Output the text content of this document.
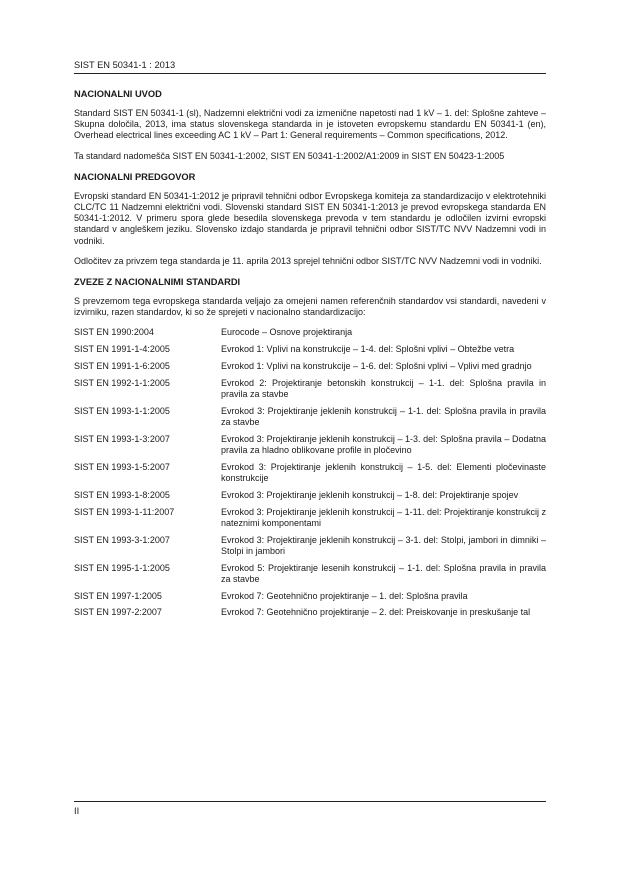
SIST EN 50341-1 : 2013
NACIONALNI UVOD

Standard SIST EN 50341-1 (sl), Nadzemni električni vodi za izmenične napetosti nad 1 kV – 1. del: Splošne zahteve – Skupna določila, 2013, ima status slovenskega standarda in je istoveten evropskemu standardu EN 50341-1 (en), Overhead electrical lines exceeding AC 1 kV – Part 1: General requirements – Common specifications, 2012.

Ta standard nadomešča SIST EN 50341-1:2002, SIST EN 50341-1:2002/A1:2009 in SIST EN 50423-1:2005

NACIONALNI PREDGOVOR

Evropski standard EN 50341-1:2012 je pripravil tehnični odbor Evropskega komiteja za standardizacijo v elektrotehniki CLC/TC 11 Nadzemni električni vodi. Slovenski standard SIST EN 50341-1:2013 je prevod evropskega standarda EN 50341-1:2012. V primeru spora glede besedila slovenskega prevoda v tem standardu je odločilen izvirni evropski standard v angleškem jeziku. Slovensko izdajo standarda je pripravil tehnični odbor SIST/TC NVV Nadzemni vodi in vodniki.

Odločitev za privzem tega standarda je 11. aprila 2013 sprejel tehnični odbor SIST/TC NVV Nadzemni vodi in vodniki.

ZVEZE Z NACIONALNIMI STANDARDI

S prevzemom tega evropskega standarda veljajo za omejeni namen referenčnih standardov vsi standardi, navedeni v izvirniku, razen standardov, ki so že sprejeti v nacionalno standardizacijo:

SIST EN 1990:2004	Eurocode – Osnove projektiranja
SIST EN 1991-1-4:2005	Evrokod 1: Vplivi na konstrukcije – 1-4. del: Splošni vplivi – Obtežbe vetra
SIST EN 1991-1-6:2005	Evrokod 1: Vplivi na konstrukcije – 1-6. del: Splošni vplivi – Vplivi med gradnjo
SIST EN 1992-1-1:2005	Evrokod 2: Projektiranje betonskih konstrukcij – 1-1. del: Splošna pravila in pravila za stavbe
SIST EN 1993-1-1:2005	Evrokod 3: Projektiranje jeklenih konstrukcij – 1-1. del: Splošna pravila in pravila za stavbe
SIST EN 1993-1-3:2007	Evrokod 3: Projektiranje jeklenih konstrukcij – 1-3. del: Splošna pravila – Dodatna pravila za hladno oblikovane profile in pločevino
SIST EN 1993-1-5:2007	Evrokod 3: Projektiranje jeklenih konstrukcij – 1-5. del: Elementi pločevinaste konstrukcije
SIST EN 1993-1-8:2005	Evrokod 3: Projektiranje jeklenih konstrukcij – 1-8. del: Projektiranje spojev
SIST EN 1993-1-11:2007	Evrokod 3: Projektiranje jeklenih konstrukcij – 1-11. del: Projektiranje konstrukcij z nateznimi komponentami
SIST EN 1993-3-1:2007	Evrokod 3: Projektiranje jeklenih konstrukcij – 3-1. del: Stolpi, jambori in dimniki – Stolpi in jambori
SIST EN 1995-1-1:2005	Evrokod 5: Projektiranje lesenih konstrukcij – 1-1. del: Splošna pravila in pravila za stavbe
SIST EN 1997-1:2005	Evrokod 7: Geotehnično projektiranje – 1. del: Splošna pravila
SIST EN 1997-2:2007	Evrokod 7: Geotehnično projektiranje – 2. del: Preiskovanje in preskušanje tal
II
